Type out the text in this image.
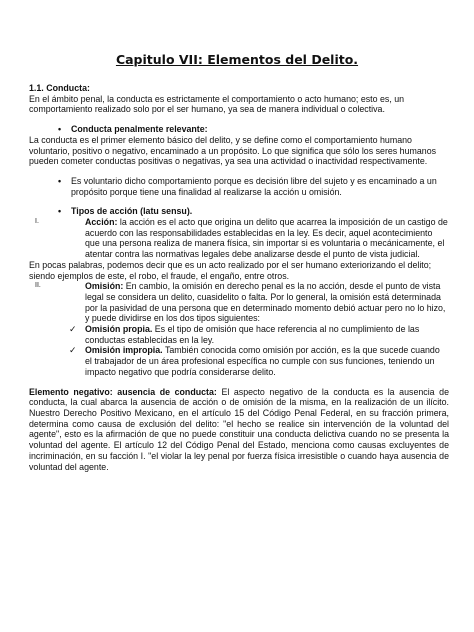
Capitulo VII: Elementos del Delito.

1.1. Conducta:

En el ámbito penal, la conducta es estrictamente el comportamiento o acto humano; esto es, un comportamiento realizado solo por el ser humano, ya sea de manera individual o colectiva.

• Conducta penalmente relevante:

La conducta es el primer elemento básico del delito, y se define como el comportamiento humano voluntario, positivo o negativo, encaminado a un propósito. Lo que significa que sólo los seres humanos pueden cometer conductas positivas o negativas, ya sea una actividad o inactividad respectivamente.

• Es voluntario dicho comportamiento porque es decisión libre del sujeto y es encaminado a un propósito porque tiene una finalidad al realizarse la acción u omisión.
• Tipos de acción (latu sensu).
I.	Acción: la acción es el acto que origina un delito que acarrea la imposición de un castigo de acuerdo con las responsabilidades establecidas en la ley. Es decir, aquel acontecimiento que una persona realiza de manera física, sin importar si es voluntaria o mecánicamente, el atentar contra las normativas legales debe analizarse desde el punto de vista judicial.

En pocas palabras, podemos decir que es un acto realizado por el ser humano exteriorizando el delito; siendo ejemplos de este, el robo, el fraude, el engaño, entre otros.

II.	Omisión: En cambio, la omisión en derecho penal es la no acción, desde el punto de vista legal se considera un delito, cuasidelito o falta. Por lo general, la omisión está determinada por la pasividad de una persona que en determinado momento debió actuar pero no lo hizo, y puede dividirse en los dos tipos siguientes:
✓ Omisión propia. Es el tipo de omisión que hace referencia al no cumplimiento de las conductas establecidas en la ley.
✓ Omisión impropia. También conocida como omisión por acción, es la que sucede cuando el trabajador de un área profesional específica no cumple con sus funciones, teniendo un impacto negativo que podría considerarse delito.

Elemento negativo: ausencia de conducta: El aspecto negativo de la conducta es la ausencia de conducta, la cual abarca la ausencia de acción o de omisión de la misma, en la realización de un ilícito. Nuestro Derecho Positivo Mexicano, en el artículo 15 del Código Penal Federal, en su fracción primera, determina como causa de exclusión del delito: "el hecho se realice sin intervención de la voluntad del agente", esto es la afirmación de que no puede constituir una conducta delictiva cuando no se presenta la voluntad del agente. El artículo 12 del Código Penal del Estado, menciona como causas excluyentes de incriminación, en su facción I. "el violar la ley penal por fuerza física irresistible o cuando haya ausencia de voluntad del agente.
